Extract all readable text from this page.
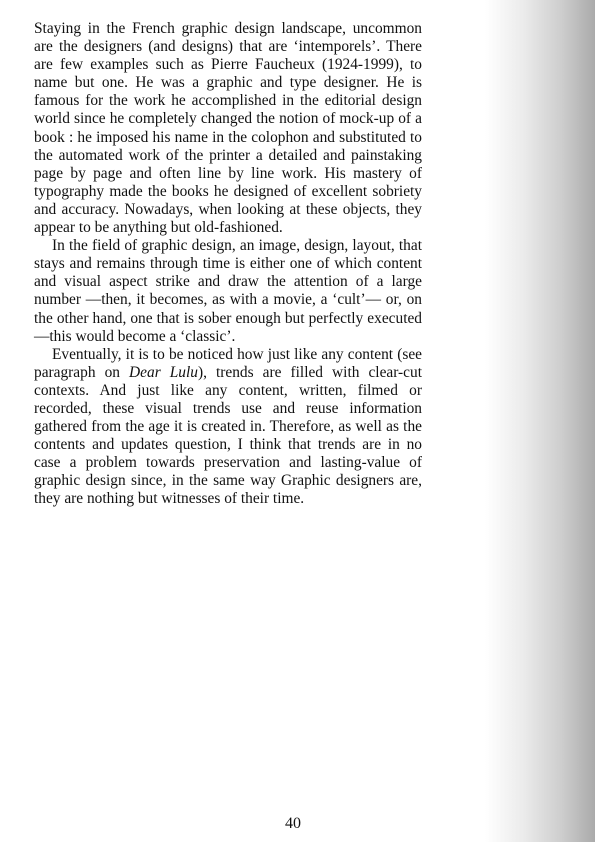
Staying in the French graphic design landscape, uncommon are the designers (and designs) that are ‘intemporels’. There are few examples such as Pierre Faucheux (1924-1999), to name but one. He was a graphic and type designer. He is famous for the work he accomplished in the editorial design world since he completely changed the notion of mock-up of a book : he imposed his name in the colophon and substituted to the automated work of the printer a detailed and painstaking page by page and often line by line work. His mastery of typography made the books he designed of excellent sobriety and accuracy. Nowadays, when looking at these objects, they appear to be anything but old-fashioned.

In the field of graphic design, an image, design, layout, that stays and remains through time is either one of which content and visual aspect strike and draw the attention of a large number —then, it becomes, as with a movie, a ‘cult’— or, on the other hand, one that is sober enough but perfectly executed —this would become a ‘classic’.

Eventually, it is to be noticed how just like any content (see paragraph on Dear Lulu), trends are filled with clear-cut contexts. And just like any content, written, filmed or recorded, these visual trends use and reuse information gathered from the age it is created in. Therefore, as well as the contents and updates question, I think that trends are in no case a problem towards preservation and lasting-value of graphic design since, in the same way Graphic designers are, they are nothing but witnesses of their time.

40
